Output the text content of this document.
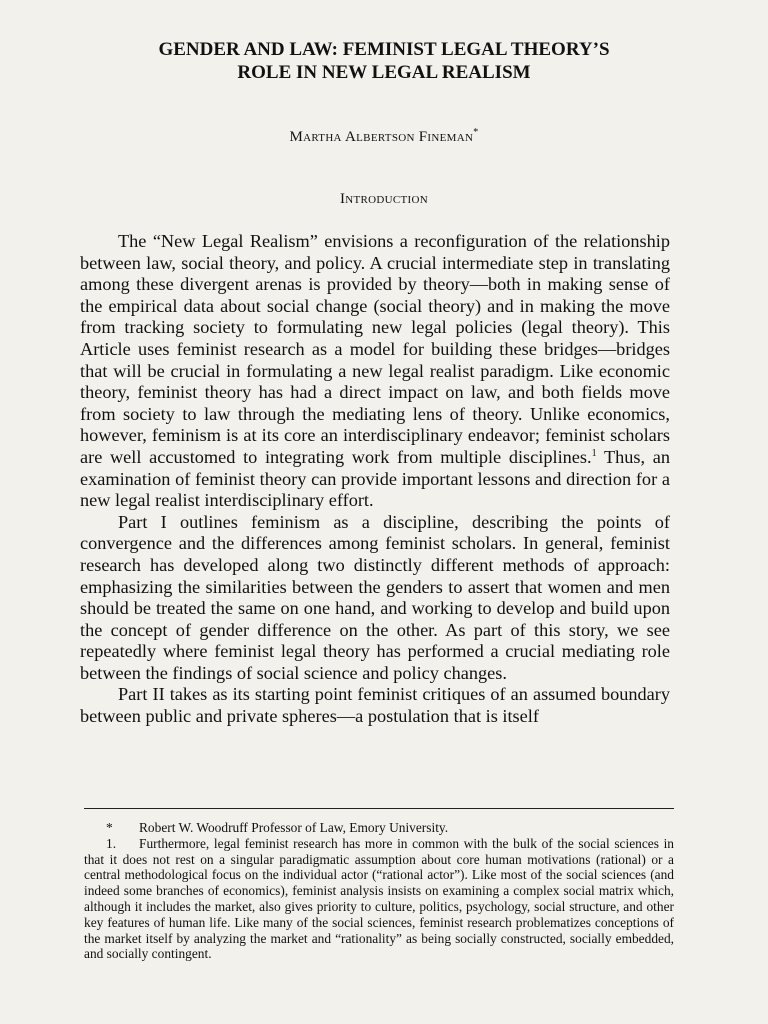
GENDER AND LAW: FEMINIST LEGAL THEORY’S
ROLE IN NEW LEGAL REALISM
Martha Albertson Fineman*
Introduction

The “New Legal Realism” envisions a reconfiguration of the relationship between law, social theory, and policy. A crucial intermediate step in translating among these divergent arenas is provided by theory—both in making sense of the empirical data about social change (social theory) and in making the move from tracking society to formulating new legal policies (legal theory). This Article uses feminist research as a model for building these bridges—bridges that will be crucial in formulating a new legal realist paradigm. Like economic theory, feminist theory has had a direct impact on law, and both fields move from society to law through the mediating lens of theory. Unlike economics, however, feminism is at its core an interdisciplinary endeavor; feminist scholars are well accustomed to integrating work from multiple disciplines.$^1$ Thus, an examination of feminist theory can provide important lessons and direction for a new legal realist interdisciplinary effort.

Part I outlines feminism as a discipline, describing the points of convergence and the differences among feminist scholars. In general, feminist research has developed along two distinctly different methods of approach: emphasizing the similarities between the genders to assert that women and men should be treated the same on one hand, and working to develop and build upon the concept of gender difference on the other. As part of this story, we see repeatedly where feminist legal theory has performed a crucial mediating role between the findings of social science and policy changes.

Part II takes as its starting point feminist critiques of an assumed boundary between public and private spheres—a postulation that is itself

* Robert W. Woodruff Professor of Law, Emory University.

1. Furthermore, legal feminist research has more in common with the bulk of the social sciences in that it does not rest on a singular paradigmatic assumption about core human motivations (rational) or a central methodological focus on the individual actor (“rational actor”). Like most of the social sciences (and indeed some branches of economics), feminist analysis insists on examining a complex social matrix which, although it includes the market, also gives priority to culture, politics, psychology, social structure, and other key features of human life. Like many of the social sciences, feminist research problematizes conceptions of the market itself by analyzing the market and “rationality” as being socially constructed, socially embedded, and socially contingent.
